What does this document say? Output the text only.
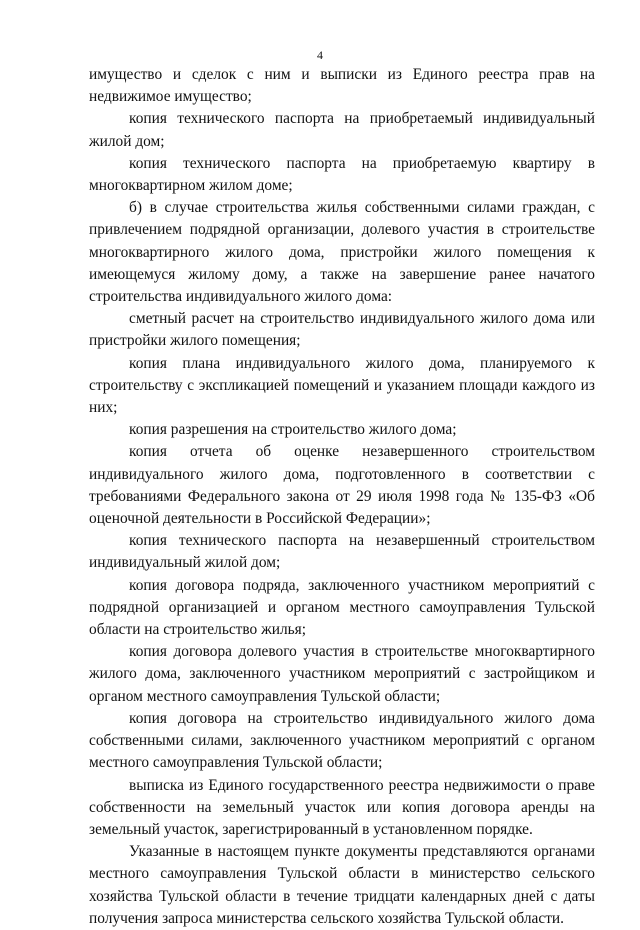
4

имущество и сделок с ним и выписки из Единого реестра прав на недвижимое имущество;

копия технического паспорта на приобретаемый индивидуальный жилой дом;

копия технического паспорта на приобретаемую квартиру в многоквартирном жилом доме;

б) в случае строительства жилья собственными силами граждан, с привлечением подрядной организации, долевого участия в строительстве многоквартирного жилого дома, пристройки жилого помещения к имеющемуся жилому дому, а также на завершение ранее начатого строительства индивидуального жилого дома:

сметный расчет на строительство индивидуального жилого дома или пристройки жилого помещения;

копия плана индивидуального жилого дома, планируемого к строительству с экспликацией помещений и указанием площади каждого из них;

копия разрешения на строительство жилого дома;

копия отчета об оценке незавершенного строительством индивидуального жилого дома, подготовленного в соответствии с требованиями Федерального закона от 29 июля 1998 года № 135-ФЗ «Об оценочной деятельности в Российской Федерации»;

копия технического паспорта на незавершенный строительством индивидуальный жилой дом;

копия договора подряда, заключенного участником мероприятий с подрядной организацией и органом местного самоуправления Тульской области на строительство жилья;

копия договора долевого участия в строительстве многоквартирного жилого дома, заключенного участником мероприятий с застройщиком и органом местного самоуправления Тульской области;

копия договора на строительство индивидуального жилого дома собственными силами, заключенного участником мероприятий с органом местного самоуправления Тульской области;

выписка из Единого государственного реестра недвижимости о праве собственности на земельный участок или копия договора аренды на земельный участок, зарегистрированный в установленном порядке.

Указанные в настоящем пункте документы представляются органами местного самоуправления Тульской области в министерство сельского хозяйства Тульской области в течение тридцати календарных дней с даты получения запроса министерства сельского хозяйства Тульской области.
